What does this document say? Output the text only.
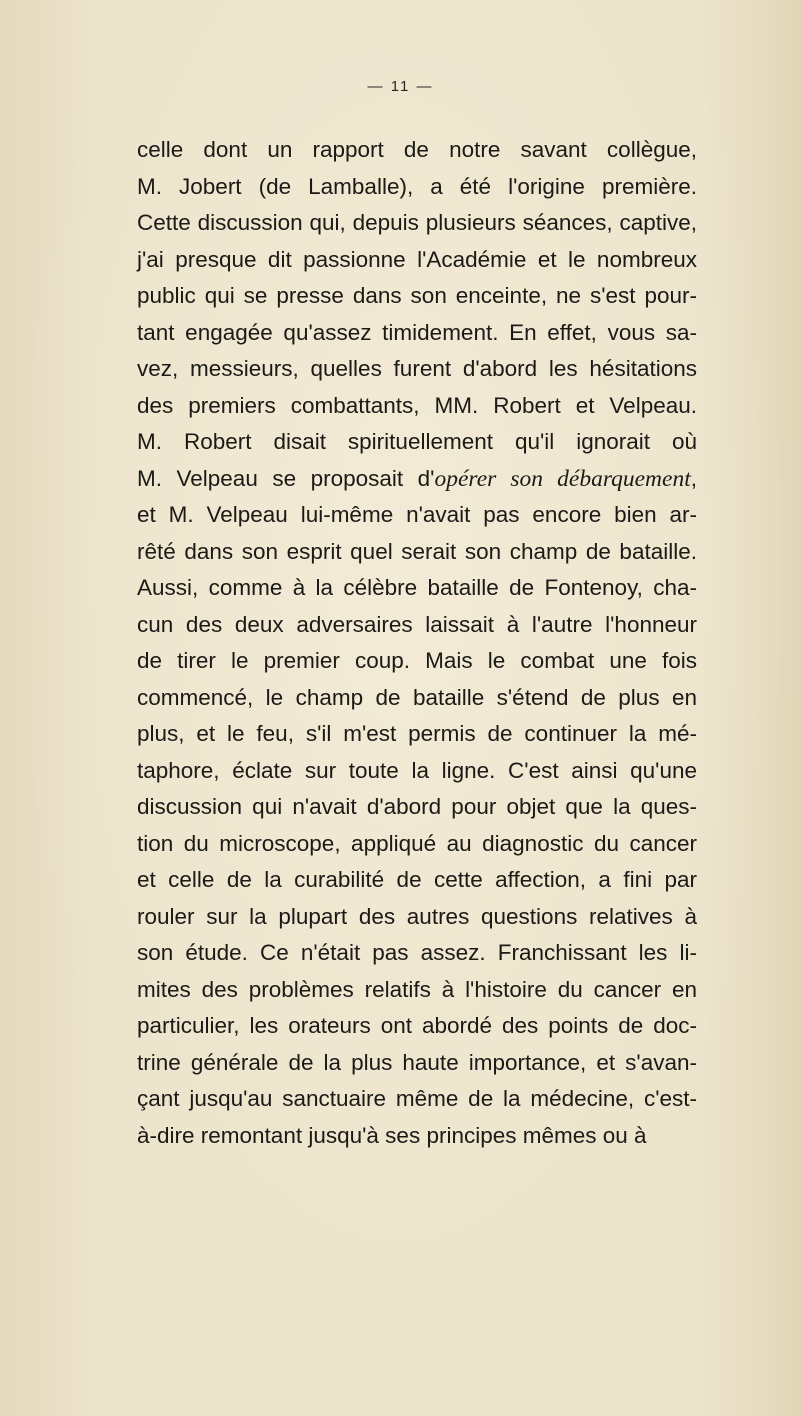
— 11 —
celle dont un rapport de notre savant collègue,
M. Jobert (de Lamballe), a été l'origine première.
Cette discussion qui, depuis plusieurs séances, captive,
j'ai presque dit passionne l'Académie et le nombreux
public qui se presse dans son enceinte, ne s'est pour-
tant engagée qu'assez timidement. En effet, vous sa-
vez, messieurs, quelles furent d'abord les hésitations
des premiers combattants, MM. Robert et Velpeau.
M. Robert disait spirituellement qu'il ignorait où
M. Velpeau se proposait d'opérer son débarquement,
et M. Velpeau lui-même n'avait pas encore bien ar-
rêté dans son esprit quel serait son champ de bataille.
Aussi, comme à la célèbre bataille de Fontenoy, cha-
cun des deux adversaires laissait à l'autre l'honneur
de tirer le premier coup. Mais le combat une fois
commencé, le champ de bataille s'étend de plus en
plus, et le feu, s'il m'est permis de continuer la mé-
taphore, éclate sur toute la ligne. C'est ainsi qu'une
discussion qui n'avait d'abord pour objet que la ques-
tion du microscope, appliqué au diagnostic du cancer
et celle de la curabilité de cette affection, a fini par
rouler sur la plupart des autres questions relatives à
son étude. Ce n'était pas assez. Franchissant les li-
mites des problèmes relatifs à l'histoire du cancer en
particulier, les orateurs ont abordé des points de doc-
trine générale de la plus haute importance, et s'avan-
çant jusqu'au sanctuaire même de la médecine, c'est-
à-dire remontant jusqu'à ses principes mêmes ou à
